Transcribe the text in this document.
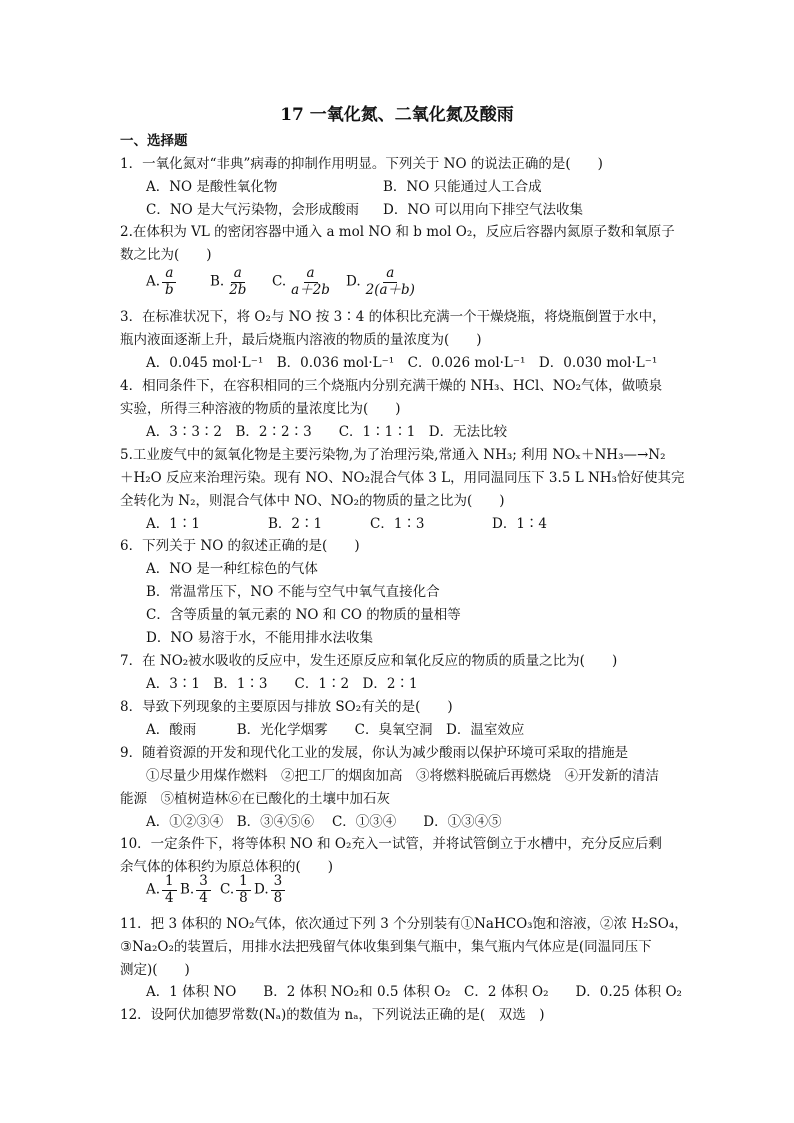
17 一氧化氮、二氧化氮及酸雨
一、选择题
1．一氧化氮对“非典”病毒的抑制作用明显。下列关于 NO 的说法正确的是(　　)
A．NO 是酸性氧化物	B．NO 只能通过人工合成
C．NO 是大气污染物，会形成酸雨 D．NO 可以用向下排空气法收集
2.在体积为 VL 的密闭容器中通入 a mol NO 和 b mol O₂，反应后容器内氮原子数和氧原子
数之比为(　　)
A. $\frac{a}{b} B$. $\frac{a}{2b} C$. $\frac{a}{a+2b} D$. $\frac{a}{2(a+b)}$
3．在标准状况下，将 O₂与 NO 按 3∶4 的体积比充满一个干燥烧瓶，将烧瓶倒置于水中，
瓶内液面逐渐上升，最后烧瓶内溶液的物质的量浓度为(　　)
A．0.045 mol·L⁻¹　B．0.036 mol·L⁻¹　C．0.026 mol·L⁻¹　D．0.030 mol·L⁻¹
4．相同条件下，在容积相同的三个烧瓶内分别充满干燥的 NH₃、HCl、NO₂气体，做喷泉
实验，所得三种溶液的物质的量浓度比为(　　)
A．3∶3∶2　B．2∶2∶3　　C．1∶1∶1　D．无法比较
5.工业废气中的氮氧化物是主要污染物,为了治理污染,常通入 NH₃; 利用 NOₓ＋NH₃—→N₂
＋H₂O 反应来治理污染。现有 NO、NO₂混合气体 3 L，用同温同压下 3.5 L NH₃恰好使其完
全转化为 N₂，则混合气体中 NO、NO₂的物质的量之比为(　　)
A．1∶1	B．2∶1	C．1∶3	D．1∶4
6．下列关于 NO 的叙述正确的是(　　)
A．NO 是一种红棕色的气体
B．常温常压下，NO 不能与空气中氧气直接化合
C．含等质量的氧元素的 NO 和 CO 的物质的量相等
D．NO 易溶于水，不能用排水法收集
7．在 NO₂被水吸收的反应中，发生还原反应和氧化反应的物质的质量之比为(　　)
A．3∶1　B．1∶3　　C．1∶2　D．2∶1
8．导致下列现象的主要原因与排放 SO₂有关的是(　　)
A．酸雨　　　B．光化学烟雾　　C．臭氧空洞　D．温室效应
9．随着资源的开发和现代化工业的发展，你认为减少酸雨以保护环境可采取的措施是
①尽量少用煤作燃料　②把工厂的烟囱加高　③将燃料脱硫后再燃烧　④开发新的清洁
能源　⑤植树造林⑥在已酸化的土壤中加石灰
A．①②③④　B．③④⑤⑥　 C．①③④　　D．①③④⑤
10．一定条件下，将等体积 NO 和 O₂充入一试管，并将试管倒立于水槽中，充分反应后剩
余气体的体积约为原总体积的(　　)
A. $\frac{1}{4} B$. $\frac{3}{4} C$. $\frac{1}{8} D$. $\frac{3}{8}$
11．把 3 体积的 NO₂气体，依次通过下列 3 个分别装有①NaHCO₃饱和溶液，②浓 H₂SO₄，
③Na₂O₂的装置后，用排水法把残留气体收集到集气瓶中，集气瓶内气体应是(同温同压下
测定)(　　)
A．1 体积 NO　　B．2 体积 NO₂和 0.5 体积 O₂　C．2 体积 O₂　　D．0.25 体积 O₂
12．设阿伏加德罗常数(Nₐ)的数值为 nₐ，下列说法正确的是(　双选　)
